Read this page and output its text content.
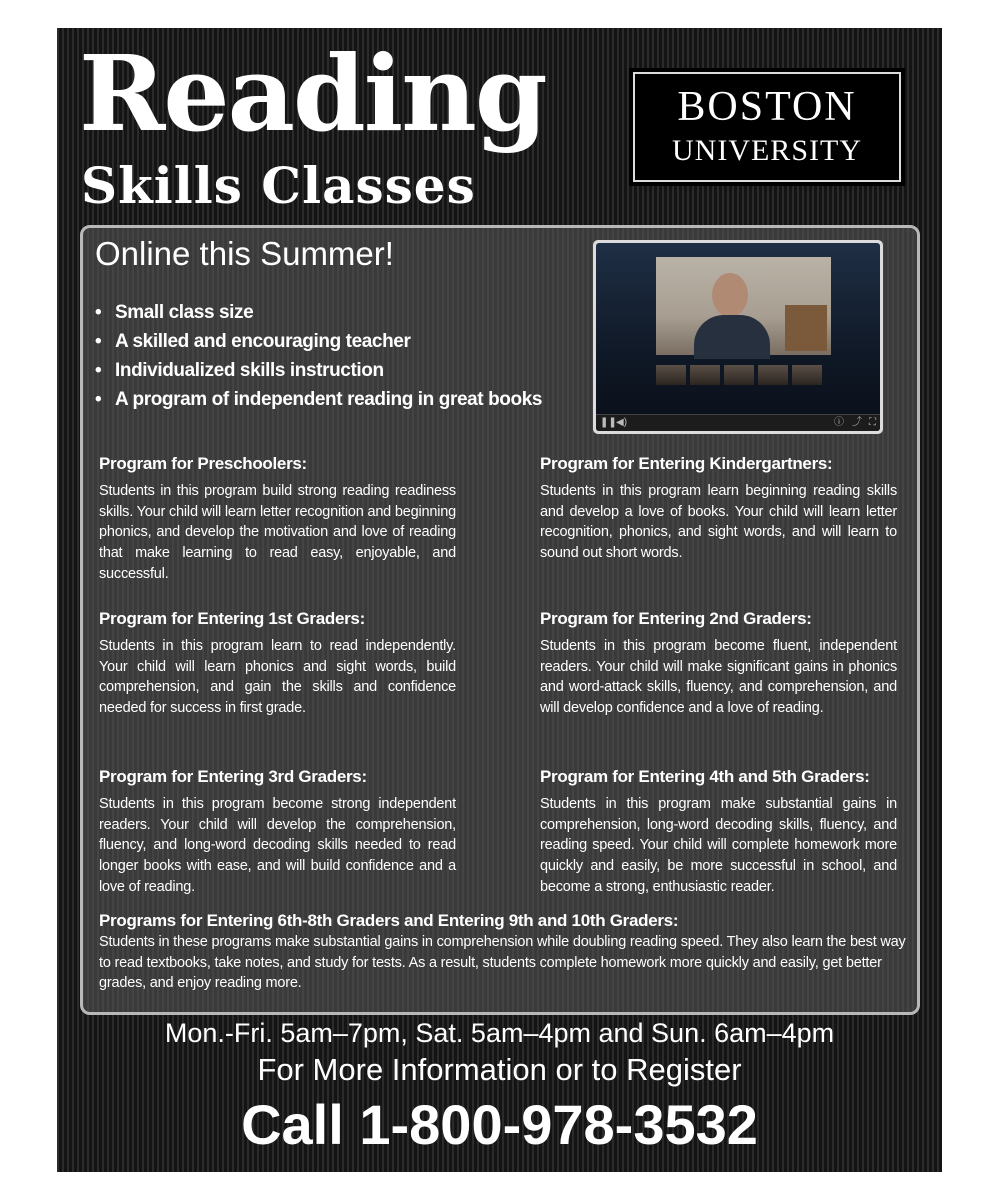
Reading
Skills Classes
BOSTON
UNIVERSITY
Online this Summer!
• Small class size
• A skilled and encouraging teacher
• Individualized skills instruction
• A program of independent reading in great books
❚❚ ◀)	ⓘ ⤴ ⛶
Program for Preschoolers:

Students in this program build strong reading readiness skills. Your child will learn letter recognition and beginning phonics, and develop the motivation and love of reading that make learning to read easy, enjoyable, and successful.

Program for Entering Kindergartners:

Students in this program learn beginning reading skills and develop a love of books. Your child will learn letter recognition, phonics, and sight words, and will learn to sound out short words.

Program for Entering 1st Graders:

Students in this program learn to read independently. Your child will learn phonics and sight words, build comprehension, and gain the skills and confidence needed for success in first grade.

Program for Entering 2nd Graders:

Students in this program become fluent, independent readers. Your child will make significant gains in phonics and word-attack skills, fluency, and comprehension, and will develop confidence and a love of reading.

Program for Entering 3rd Graders:

Students in this program become strong independent readers. Your child will develop the comprehension, fluency, and long-word decoding skills needed to read longer books with ease, and will build confidence and a love of reading.

Program for Entering 4th and 5th Graders:

Students in this program make substantial gains in comprehension, long-word decoding skills, fluency, and reading speed. Your child will complete homework more quickly and easily, be more successful in school, and become a strong, enthusiastic reader.

Programs for Entering 6th-8th Graders and Entering 9th and 10th Graders:

Students in these programs make substantial gains in comprehension while doubling reading speed. They also learn the best way to read textbooks, take notes, and study for tests. As a result, students complete homework more quickly and easily, get better grades, and enjoy reading more.

Mon.-Fri. 5am–7pm, Sat. 5am–4pm and Sun. 6am–4pm

For More Information or to Register

Call 1-800-978-3532
